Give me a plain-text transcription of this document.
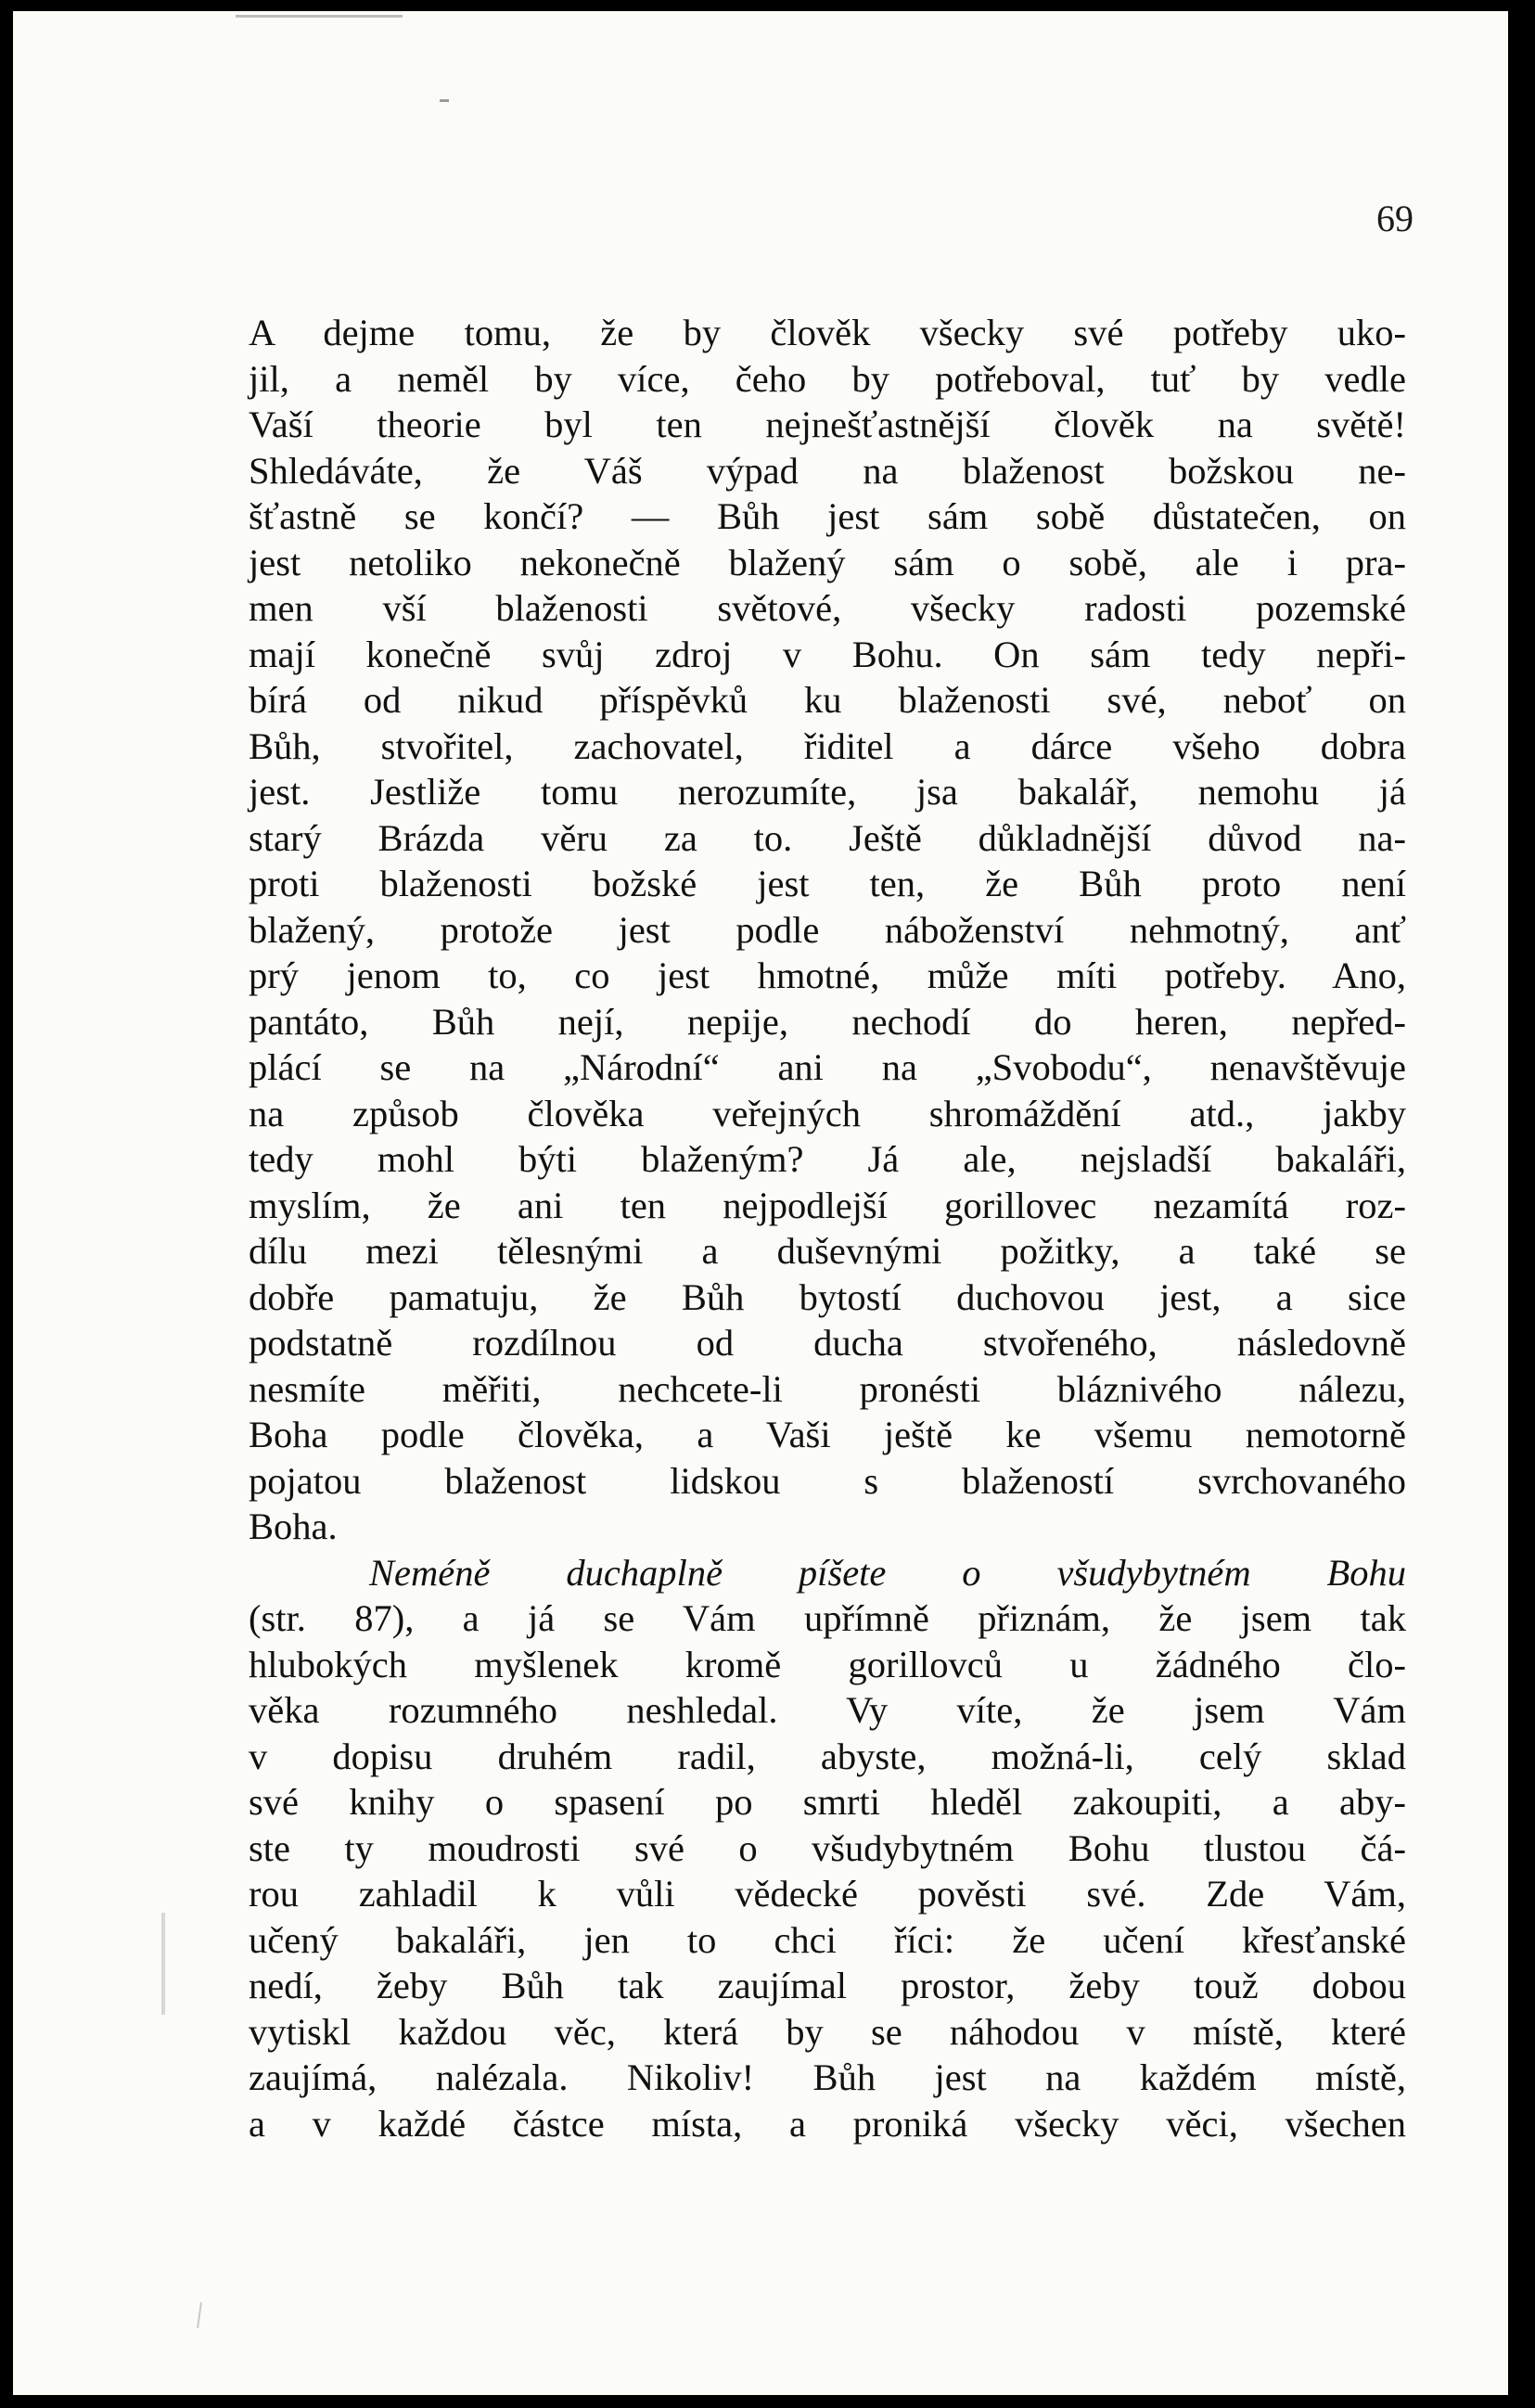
69
A dejme tomu, že by člověk všecky své potřeby uko-
jil, a neměl by více, čeho by potřeboval, tuť by vedle
Vaší theorie byl ten nejnešťastnější člověk na světě!
Shledáváte, že Váš výpad na blaženost božskou ne-
šťastně se končí? — Bůh jest sám sobě důstatečen, on
jest netoliko nekonečně blažený sám o sobě, ale i pra-
men vší blaženosti světové, všecky radosti pozemské
mají konečně svůj zdroj v Bohu. On sám tedy nepři-
bírá od nikud příspěvků ku blaženosti své, neboť on
Bůh, stvořitel, zachovatel, řiditel a dárce všeho dobra
jest. Jestliže tomu nerozumíte, jsa bakalář, nemohu já
starý Brázda věru za to. Ještě důkladnější důvod na-
proti blaženosti božské jest ten, že Bůh proto není
blažený, protože jest podle náboženství nehmotný, anť
prý jenom to, co jest hmotné, může míti potřeby. Ano,
pantáto, Bůh nejí, nepije, nechodí do heren, nepřed-
plácí se na „Národní“ ani na „Svobodu“, nenavštěvuje
na způsob člověka veřejných shromáždění atd., jakby
tedy mohl býti blaženým? Já ale, nejsladší bakaláři,
myslím, že ani ten nejpodlejší gorillovec nezamítá roz-
dílu mezi tělesnými a duševnými požitky, a také se
dobře pamatuju, že Bůh bytostí duchovou jest, a sice
podstatně rozdílnou od ducha stvořeného, následovně
nesmíte měřiti, nechcete-li pronésti bláznivého nálezu,
Boha podle člověka, a Vaši ještě ke všemu nemotorně
pojatou blaženost lidskou s blažeností svrchovaného
Boha.
Neméně duchaplně píšete o všudybytném Bohu
(str. 87), a já se Vám upřímně přiznám, že jsem tak
hlubokých myšlenek kromě gorillovců u žádného člo-
věka rozumného neshledal. Vy víte, že jsem Vám
v dopisu druhém radil, abyste, možná-li, celý sklad
své knihy o spasení po smrti hleděl zakoupiti, a aby-
ste ty moudrosti své o všudybytném Bohu tlustou čá-
rou zahladil k vůli vědecké pověsti své. Zde Vám,
učený bakaláři, jen to chci říci: že učení křesťanské
nedí, žeby Bůh tak zaujímal prostor, žeby touž dobou
vytiskl každou věc, která by se náhodou v místě, které
zaujímá, nalézala. Nikoliv! Bůh jest na každém místě,
a v každé částce místa, a proniká všecky věci, všechen
